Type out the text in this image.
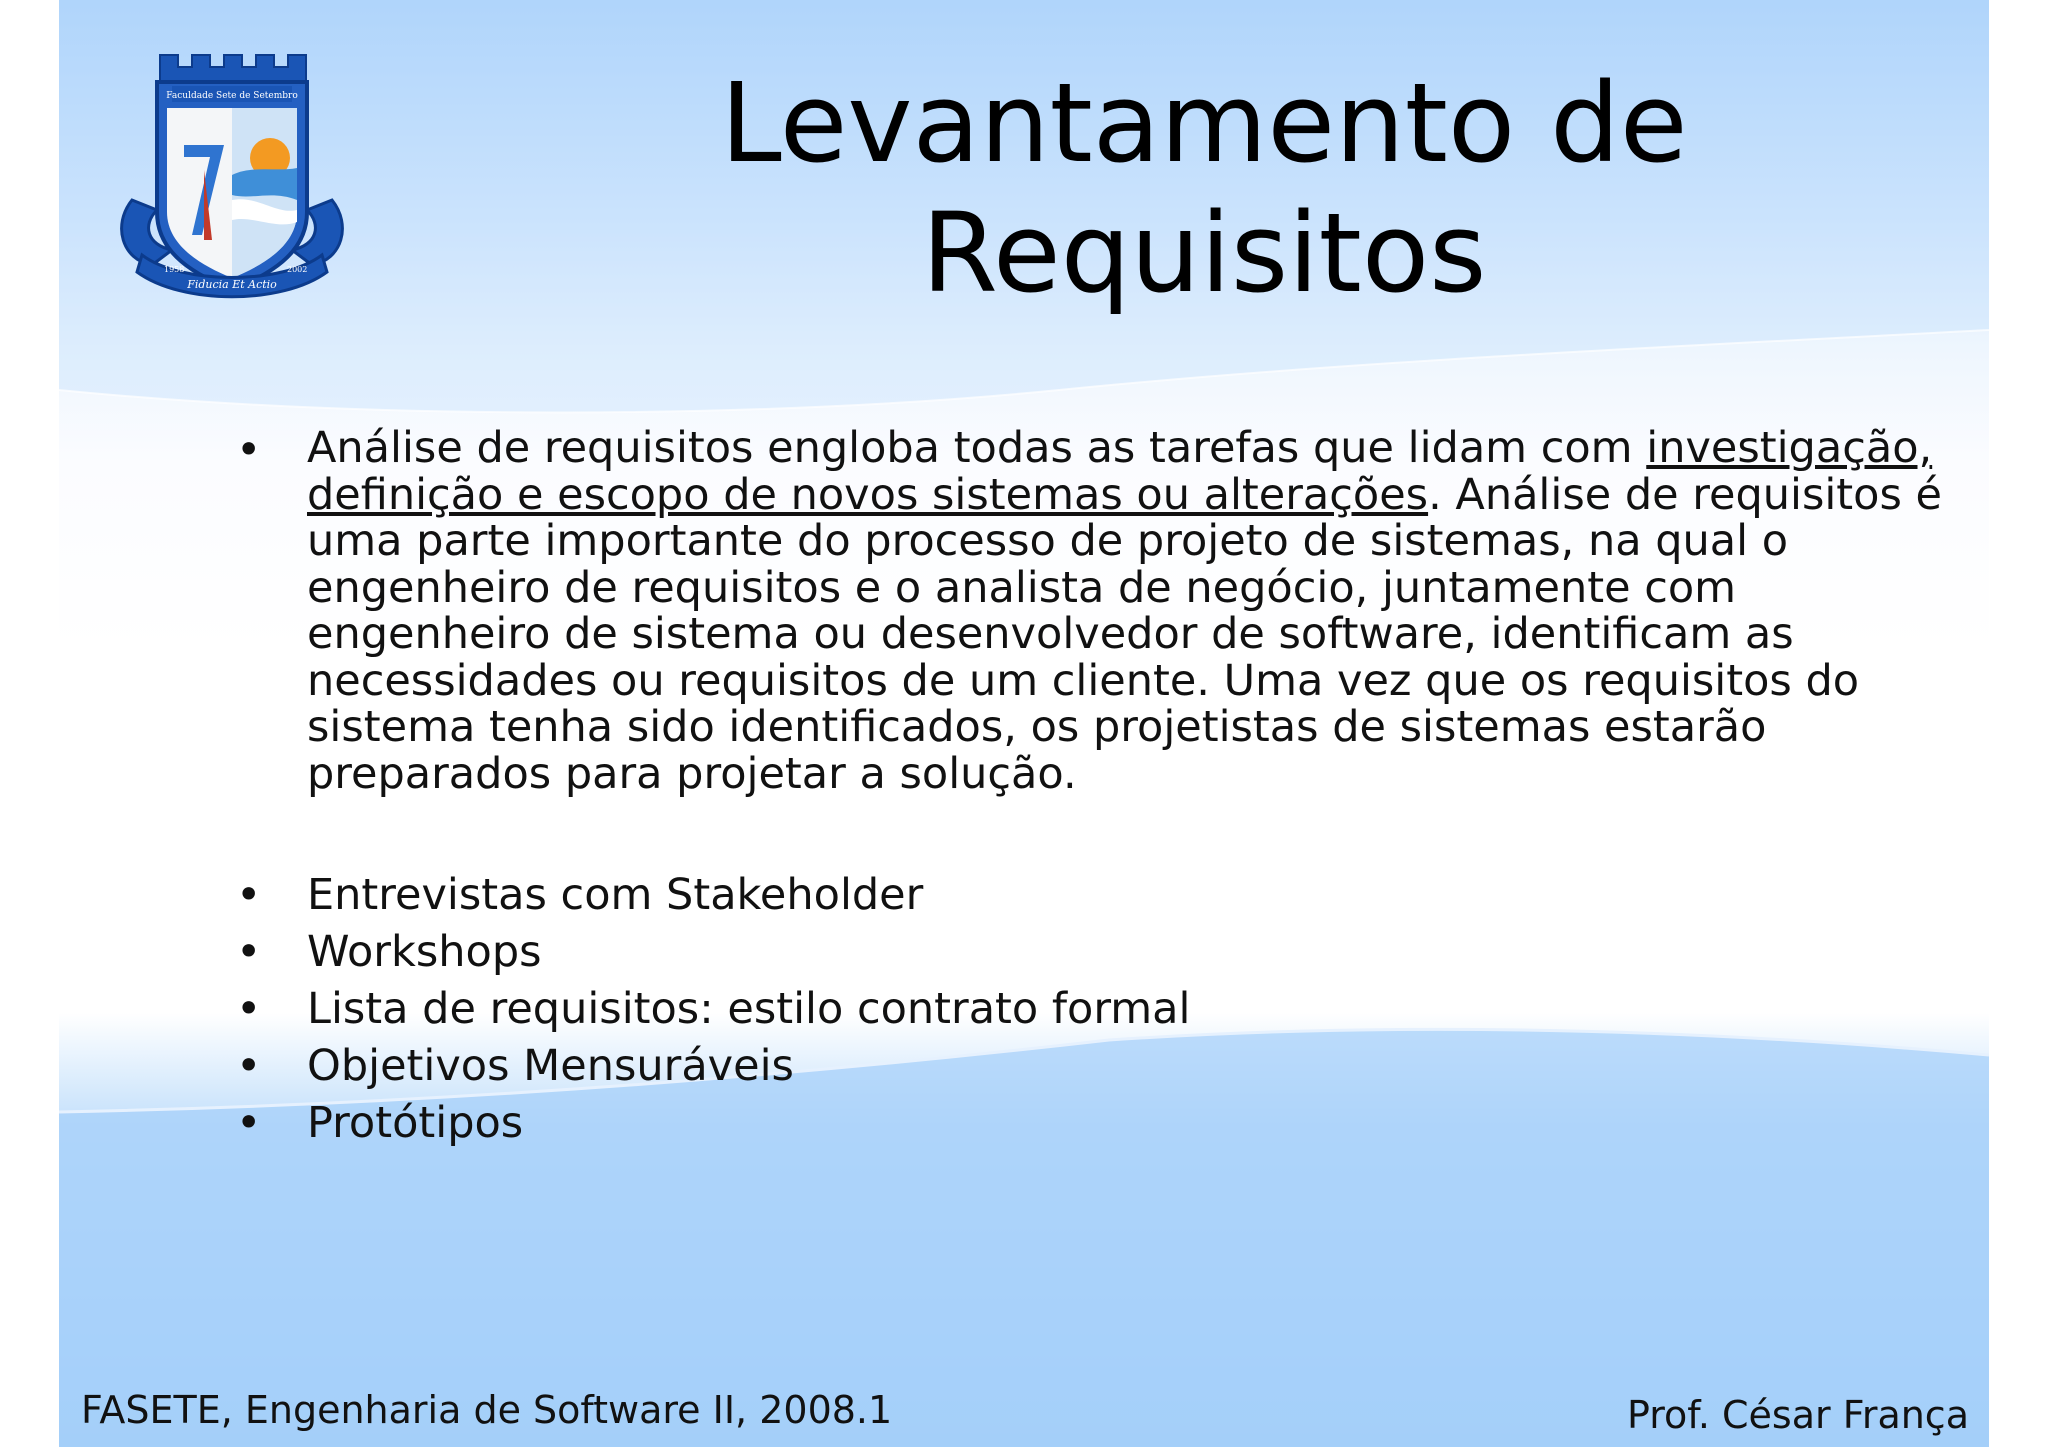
Faculdade Sete de Setembro
Fiducia Et Actio
1958	2002
Levantamento de
Requisitos
• Análise de requisitos engloba todas as tarefas que lidam com investigação, definição e escopo de novos sistemas ou alterações. Análise de requisitos é uma parte importante do processo de projeto de sistemas, na qual o engenheiro de requisitos e o analista de negócio, juntamente com engenheiro de sistema ou desenvolvedor de software, identificam as necessidades ou requisitos de um cliente. Uma vez que os requisitos do sistema tenha sido identificados, os projetistas de sistemas estarão preparados para projetar a solução.

• Entrevistas com Stakeholder
• Workshops
• Lista de requisitos: estilo contrato formal
• Objetivos Mensuráveis
• Protótipos
FASETE, Engenharia de Software II, 2008.1	Prof. César França
